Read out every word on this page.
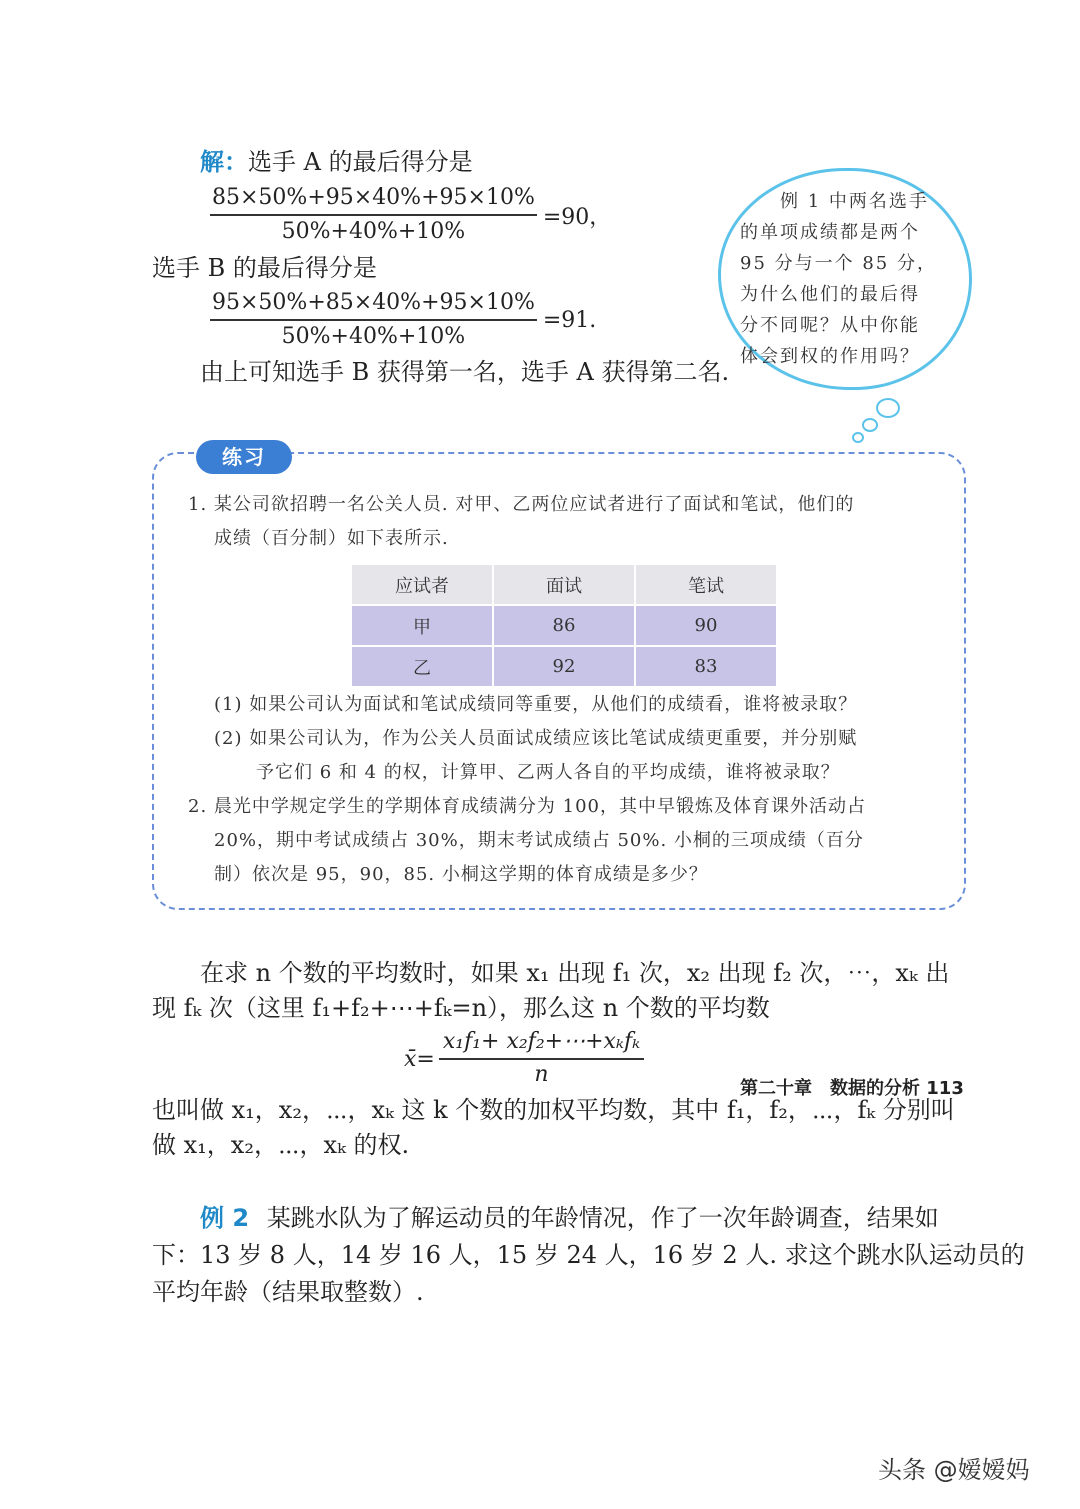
解：选手 A 的最后得分是
$\frac{85\times 50\%+95\times 40\%+95\times 10\%}{50\%+40\%+10\%} =90$，
选手 B 的最后得分是
$\frac{95\times 50\%+85\times 40\%+95\times 10\%}{50\%+40\%+10\%} =91$.
由上可知选手 B 获得第一名，选手 A 获得第二名.
例 1 中两名选手
的单项成绩都是两个
95 分与一个 85 分，
为什么他们的最后得
分不同呢？从中你能
体会到权的作用吗？
练习
1. 某公司欲招聘一名公关人员. 对甲、乙两位应试者进行了面试和笔试，他们的
成绩（百分制）如下表所示.
应试者	面试	笔试
甲	86	90
乙	92	83
(1) 如果公司认为面试和笔试成绩同等重要，从他们的成绩看，谁将被录取？
(2) 如果公司认为，作为公关人员面试成绩应该比笔试成绩更重要，并分别赋
予它们 6 和 4 的权，计算甲、乙两人各自的平均成绩，谁将被录取？
2. 晨光中学规定学生的学期体育成绩满分为 100，其中早锻炼及体育课外活动占
20%，期中考试成绩占 30%，期末考试成绩占 50%. 小桐的三项成绩（百分
制）依次是 95，90，85. 小桐这学期的体育成绩是多少？
在求 n 个数的平均数时，如果 x₁ 出现 f₁ 次，x₂ 出现 f₂ 次，⋯，xₖ 出
现 fₖ 次（这里 f₁+f₂+⋯+fₖ=n），那么这 n 个数的平均数
x̄=
x₁f₁+ x₂f₂+⋯+xₖfₖ
n
也叫做 x₁，x₂，⋯，xₖ 这 k 个数的加权平均数，其中 f₁，f₂，⋯，fₖ 分别叫
做 x₁，x₂，⋯，xₖ 的权.
例 2 某跳水队为了解运动员的年龄情况，作了一次年龄调查，结果如
下：13 岁 8 人，14 岁 16 人，15 岁 24 人，16 岁 2 人. 求这个跳水队运动员的
平均年龄（结果取整数）.
第二十章　数据的分析 113
头条 @嫒嫒妈
